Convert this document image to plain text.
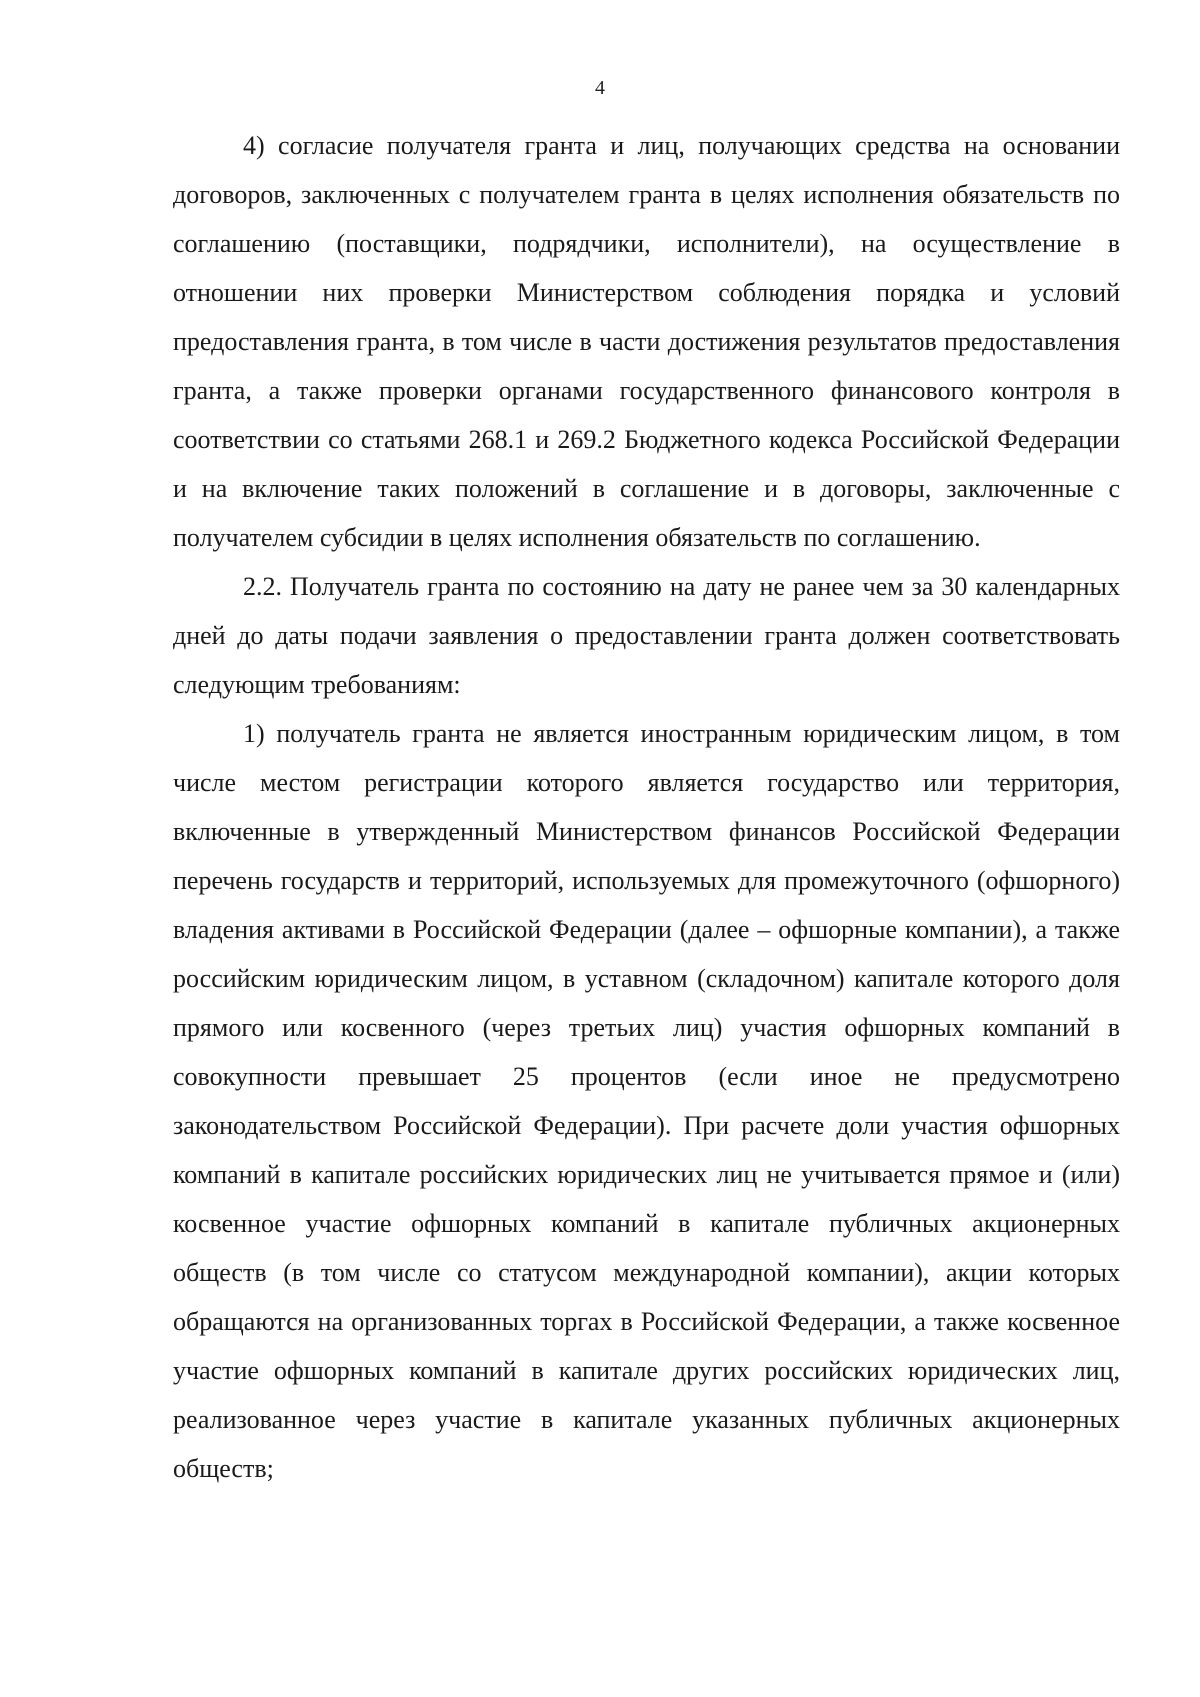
4

4) согласие получателя гранта и лиц, получающих средства на основании договоров, заключенных с получателем гранта в целях исполнения обязательств по соглашению (поставщики, подрядчики, исполнители), на осуществление в отношении них проверки Министерством соблюдения порядка и условий предоставления гранта, в том числе в части достижения результатов предоставления гранта, а также проверки органами государственного финансового контроля в соответствии со статьями 268.1 и 269.2 Бюджетного кодекса Российской Федерации и на включение таких положений в соглашение и в договоры, заключенные с получателем субсидии в целях исполнения обязательств по соглашению.

2.2. Получатель гранта по состоянию на дату не ранее чем за 30 календарных дней до даты подачи заявления о предоставлении гранта должен соответствовать следующим требованиям:

1) получатель гранта не является иностранным юридическим лицом, в том числе местом регистрации которого является государство или территория, включенные в утвержденный Министерством финансов Российской Федерации перечень государств и территорий, используемых для промежуточного (офшорного) владения активами в Российской Федерации (далее – офшорные компании), а также российским юридическим лицом, в уставном (складочном) капитале которого доля прямого или косвенного (через третьих лиц) участия офшорных компаний в совокупности превышает 25 процентов (если иное не предусмотрено законодательством Российской Федерации). При расчете доли участия офшорных компаний в капитале российских юридических лиц не учитывается прямое и (или) косвенное участие офшорных компаний в капитале публичных акционерных обществ (в том числе со статусом международной компании), акции которых обращаются на организованных торгах в Российской Федерации, а также косвенное участие офшорных компаний в капитале других российских юридических лиц, реализованное через участие в капитале указанных публичных акционерных обществ;
